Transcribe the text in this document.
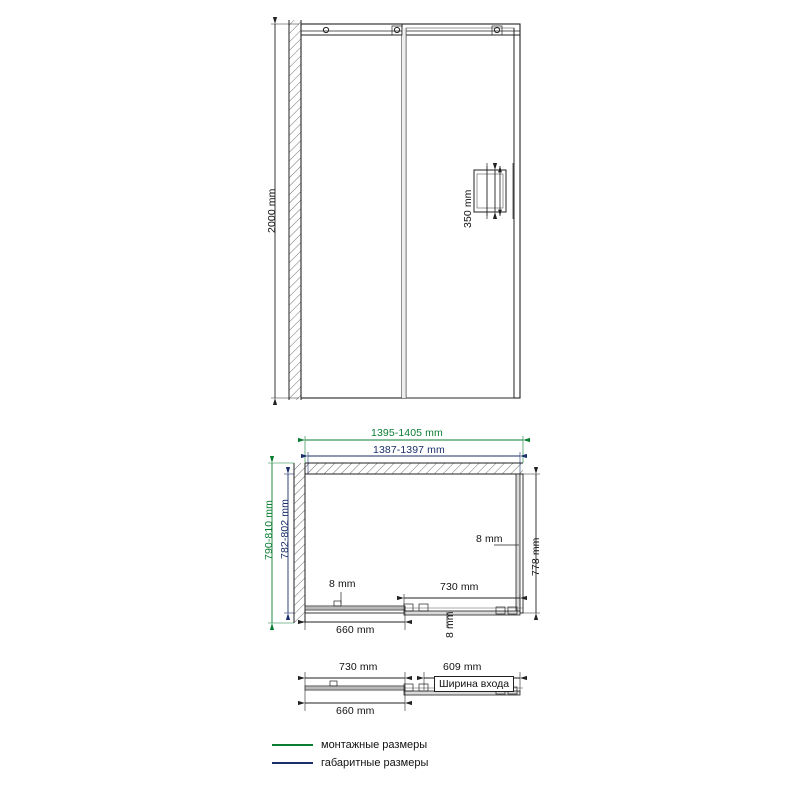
2000 mm	350 mm
1395-1405 mm
1387-1397 mm
790-810 mm 782-802 mm	778 mm
8 mm
8 mm
8 mm
730 mm
660 mm
730 mm	609 mm
Ширина входа
660 mm
монтажные размеры
габаритные размеры
